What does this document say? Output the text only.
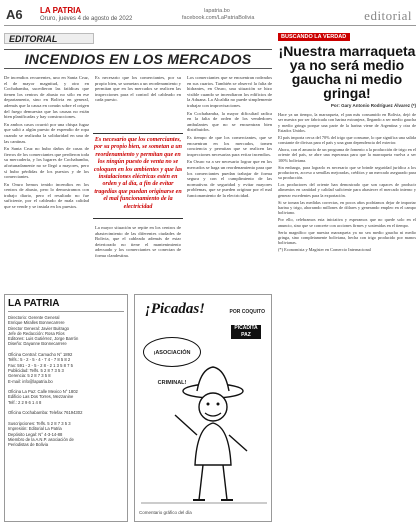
A6 LA PATRIA
Oruro, jueves 4 de agosto de 2022
lapatria.bo
facebook.com/LaPatriaBolivia	editorial
EDITORIAL
INCENDIOS EN LOS MERCADOS

De incendios recurrentes, uno en Santa Cruz, el de mayor magnitud, y otro en Cochabamba, sucedieron las fatídicas que tienen los centros de abasto no sólo en ese departamento, sino en Bolivia en general, además que la causa en común sobre el origen del fuego demuestra que las causas no están bien planificadas y hay construcciones.

En ambos casos ocurrió por una chispa fugaz que saltó a algún puesto de expendio de ropa cuando se realizaba la solidaridad en una de las cantinas.

En Santa Cruz no hubo daños de casas de fierros de los comerciantes que perdieron toda su mercadería, y los lugares de Cochabamba, afortunadamente no se llegó a mayores, pero sí hubo pérdidas de los puestos y de los comerciantes.

En Oruro hemos tenido incendios en los centros de abasto, pero lo demostramos con trabajo diario, pero el resultado no fue suficiente, por el cableado de mala calidad que se vende y se instala en los puestos.

Es necesario que los comerciantes, por su propio bien, se sometan a un reordenamiento y permitan que en los mercados se realicen las inspecciones para el control del cableado en cada puesto.

Es necesario que los comerciantes, por su propio bien, se sometan a un reordenamiento y permitan que en los ningún puesto de venta no se coloquen en los ambientes y que las instalaciones eléctricas estén en orden y al día, a fin de evitar tragedias que puedan originarse en el mal funcionamiento de la electricidad

La mayor situación se repite en los centros de abastecimiento de las diferentes ciudades de Bolivia, que el cableado además de estar deteriorado no tiene el mantenimiento adecuado y los comerciantes se conectan de forma clandestina.

Los comerciantes que se encuentran rodeados en sus cuartos. También se observó la falta de hidrantes, en Oruro, una situación se hizo visible cuando se incendiaron los edificios de la Aduana. La Alcaldía no puede simplemente trabajar con improvisaciones.

En Cochabamba, la mayor dificultad radica en la falta de orden de los vendedores ambulantes que no se encuentran bien distribuidos.

Es tiempo de que los comerciantes, que se encuentran en los mercados, tomen conciencia y permitan que se realicen las inspecciones necesarias para evitar incendios.

En Oruro va a ser necesario lograr que en los mercados se haga un reordenamiento para que los comerciantes puedan trabajar de forma segura y con el cumplimiento de las normativas de seguridad y evitar mayores problemas, que se pueden originar por el mal funcionamiento de la electricidad.

BUSCANDO LA VERDAD
¡Nuestra marraqueta ya no será medio gaucha ni medio gringa!
Por: Gary Antonio Rodríguez Álvarez (*)

Hace ya un tiempo, la marraqueta, el pan más consumido en Bolivia, dejó de ser nuestra por ser fabricada con harina extranjera, llegando a ser medio gaucha y medio gringa porque una parte de la harina viene de Argentina y otra de Estados Unidos.

El país importa cerca del 70% del trigo que consume, lo que significa una salida constante de divisas para el país y una gran dependencia del exterior.

Ahora, con el anuncio de un programa de fomento a la producción de trigo en el oriente del país, se abre una esperanza para que la marraqueta vuelva a ser 100% boliviana.

Sin embargo, para lograrlo es necesario que se brinde seguridad jurídica a los productores, acceso a semillas mejoradas, créditos y un mercado asegurado para su producción.

Los productores del oriente han demostrado que son capaces de producir alimentos en cantidad y calidad suficiente para abastecer el mercado interno y generar excedentes para la exportación.

Si se toman las medidas correctas, en pocos años podríamos dejar de importar harina y trigo, ahorrando millones de dólares y generando empleo en el campo boliviano.

Por ello, celebramos esta iniciativa y esperamos que no quede solo en el anuncio, sino que se concrete con acciones firmes y sostenidas en el tiempo.

Sería magnífico que nuestra marraqueta ya no sea medio gaucha ni medio gringa, sino completamente boliviana, hecha con trigo producido por manos bolivianas.

(*) Economista y Magíster en Comercio Internacional

LA PATRIA
Directorio: Gerente General
Enrique Miralles Bonnecarrere
Director General: Javier Buitrago
Jefe de Redacción: Rosa Ríos
Editores: Luis Gutiérrez, Jorge Barrón
Diseño: Dayanne Bonnecarrere

Oficina Central: Camacho N° 1892
Telfs.: 5 - 2 - 5 - 4 - 7 4 - 7 8 5 8 2
Fax: 591 - 2 - 5 - 2 8 - 2 1 3 5 8 7 5
Publicidad: Telfs. 5 2 8 7 3 5 3
Gerencia: 5 2 8 7 3 5 8
E-mail: info@lapatria.bo

Oficina La Paz: Calle Mexico N° 1802
Edificio Las Dos Torres, Mezzanine
Telf.: 2 2 9 6 1 4 8

Oficina Cochabamba: Telefax 76194302

Suscripciones: Telfs. 5 2 8 7 3 5 3
Impresión: Editorial La Patria
Depósito Legal: N° 4-3-14-88
Miembro de la A.N.P. asociación de
Periodistas de Bolivia
¡Picadas!	POR COQUITO
PICADITA PAZ
¡ASOCIACIÓN CRIMINAL!
Comentario gráfico del día
